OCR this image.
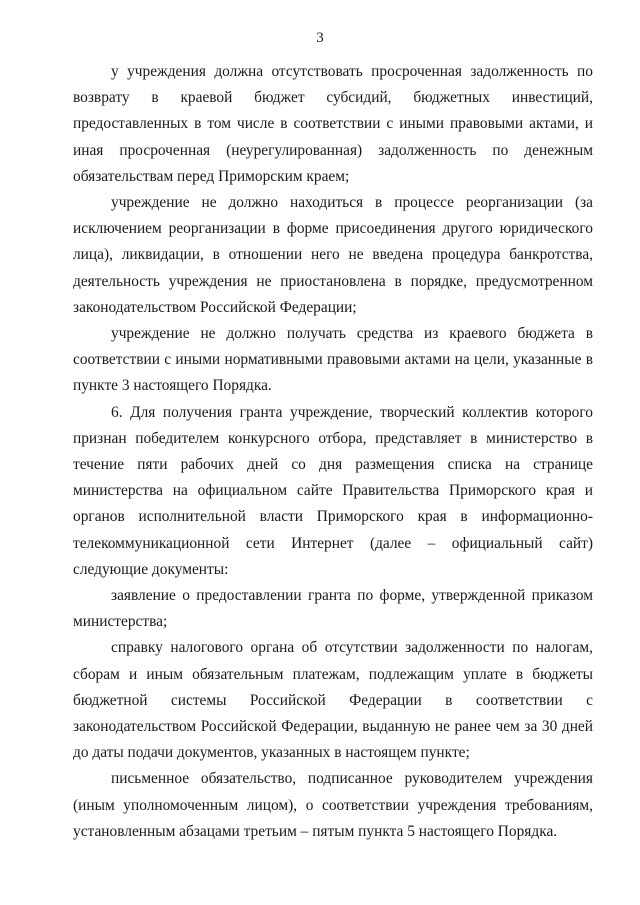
3

у учреждения должна отсутствовать просроченная задолженность по возврату в краевой бюджет субсидий, бюджетных инвестиций, предоставленных в том числе в соответствии с иными правовыми актами, и иная просроченная (неурегулированная) задолженность по денежным обязательствам перед Приморским краем;

учреждение не должно находиться в процессе реорганизации (за исключением реорганизации в форме присоединения другого юридического лица), ликвидации, в отношении него не введена процедура банкротства, деятельность учреждения не приостановлена в порядке, предусмотренном законодательством Российской Федерации;

учреждение не должно получать средства из краевого бюджета в соответствии с иными нормативными правовыми актами на цели, указанные в пункте 3 настоящего Порядка.

6. Для получения гранта учреждение, творческий коллектив которого признан победителем конкурсного отбора, представляет в министерство в течение пяти рабочих дней со дня размещения списка на странице министерства на официальном сайте Правительства Приморского края и органов исполнительной власти Приморского края в информационно-телекоммуникационной сети Интернет (далее – официальный сайт) следующие документы:

заявление о предоставлении гранта по форме, утвержденной приказом министерства;

справку налогового органа об отсутствии задолженности по налогам, сборам и иным обязательным платежам, подлежащим уплате в бюджеты бюджетной системы Российской Федерации в соответствии с законодательством Российской Федерации, выданную не ранее чем за 30 дней до даты подачи документов, указанных в настоящем пункте;

письменное обязательство, подписанное руководителем учреждения (иным уполномоченным лицом), о соответствии учреждения требованиям, установленным абзацами третьим – пятым пункта 5 настоящего Порядка.
